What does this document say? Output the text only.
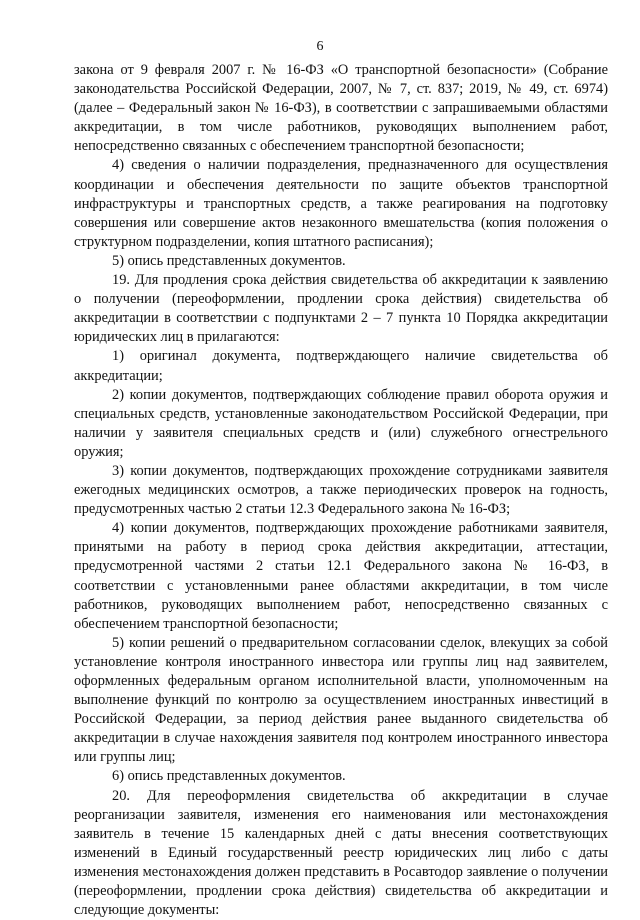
6

закона от 9 февраля 2007 г. № 16-ФЗ «О транспортной безопасности» (Собрание законодательства Российской Федерации, 2007, № 7, ст. 837; 2019, № 49, ст. 6974) (далее – Федеральный закон № 16-ФЗ), в соответствии с запрашиваемыми областями аккредитации, в том числе работников, руководящих выполнением работ, непосредственно связанных с обеспечением транспортной безопасности;

4) сведения о наличии подразделения, предназначенного для осуществления координации и обеспечения деятельности по защите объектов транспортной инфраструктуры и транспортных средств, а также реагирования на подготовку совершения или совершение актов незаконного вмешательства (копия положения о структурном подразделении, копия штатного расписания);

5) опись представленных документов.

19. Для продления срока действия свидетельства об аккредитации к заявлению о получении (переоформлении, продлении срока действия) свидетельства об аккредитации в соответствии с подпунктами 2 – 7 пункта 10 Порядка аккредитации юридических лиц в прилагаются:

1) оригинал документа, подтверждающего наличие свидетельства об аккредитации;

2) копии документов, подтверждающих соблюдение правил оборота оружия и специальных средств, установленные законодательством Российской Федерации, при наличии у заявителя специальных средств и (или) служебного огнестрельного оружия;

3) копии документов, подтверждающих прохождение сотрудниками заявителя ежегодных медицинских осмотров, а также периодических проверок на годность, предусмотренных частью 2 статьи 12.3 Федерального закона № 16-ФЗ;

4) копии документов, подтверждающих прохождение работниками заявителя, принятыми на работу в период срока действия аккредитации, аттестации, предусмотренной частями 2 статьи 12.1 Федерального закона № 16-ФЗ, в соответствии с установленными ранее областями аккредитации, в том числе работников, руководящих выполнением работ, непосредственно связанных с обеспечением транспортной безопасности;

5) копии решений о предварительном согласовании сделок, влекущих за собой установление контроля иностранного инвестора или группы лиц над заявителем, оформленных федеральным органом исполнительной власти, уполномоченным на выполнение функций по контролю за осуществлением иностранных инвестиций в Российской Федерации, за период действия ранее выданного свидетельства об аккредитации в случае нахождения заявителя под контролем иностранного инвестора или группы лиц;

6) опись представленных документов.

20. Для переоформления свидетельства об аккредитации в случае реорганизации заявителя, изменения его наименования или местонахождения заявитель в течение 15 календарных дней с даты внесения соответствующих изменений в Единый государственный реестр юридических лиц либо с даты изменения местонахождения должен представить в Росавтодор заявление о получении (переоформлении, продлении срока действия) свидетельства об аккредитации и следующие документы:
